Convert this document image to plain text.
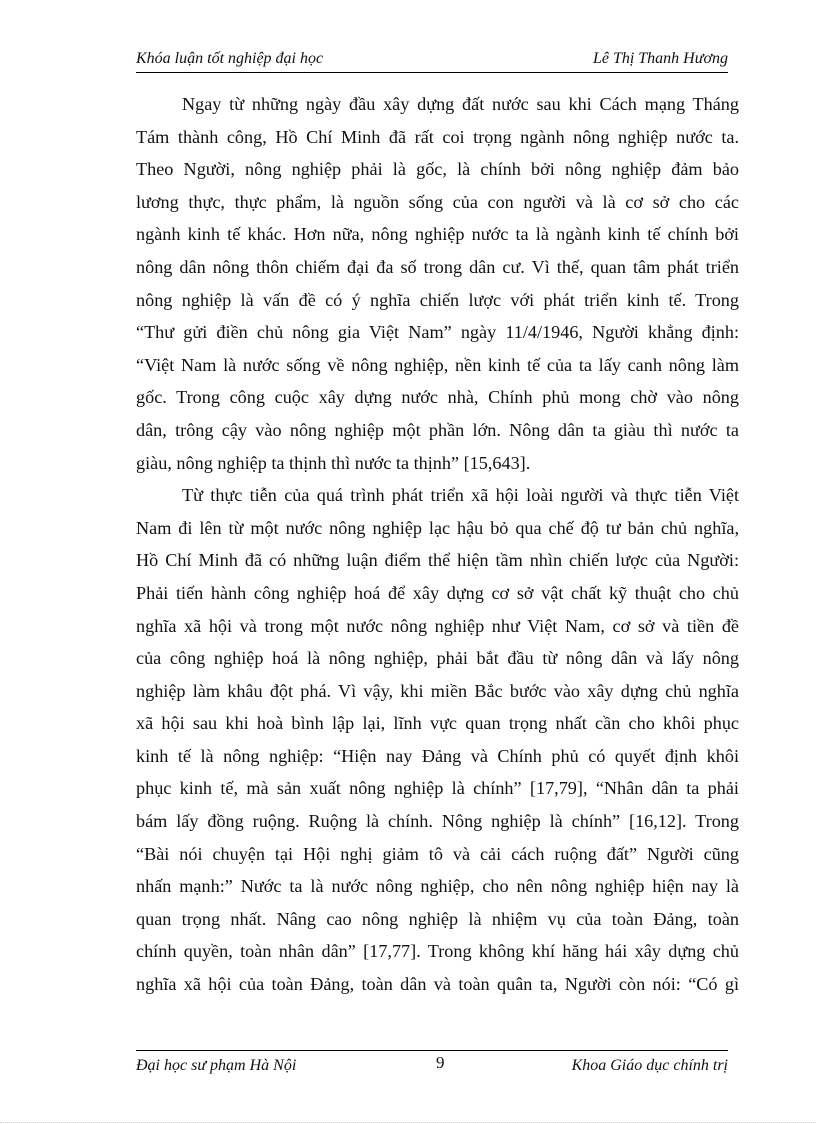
Khóa luận tốt nghiệp đại học	Lê Thị Thanh Hương
Ngay từ những ngày đầu xây dựng đất nước sau khi Cách mạng Tháng
Tám thành công, Hồ Chí Minh đã rất coi trọng ngành nông nghiệp nước ta.
Theo Người, nông nghiệp phải là gốc, là chính bởi nông nghiệp đảm bảo
lương thực, thực phẩm, là nguồn sống của con người và là cơ sở cho các
ngành kinh tế khác. Hơn nữa, nông nghiệp nước ta là ngành kinh tế chính bởi
nông dân nông thôn chiếm đại đa số trong dân cư. Vì thế, quan tâm phát triển
nông nghiệp là vấn đề có ý nghĩa chiến lược với phát triển kinh tế. Trong
“Thư gửi điền chủ nông gia Việt Nam” ngày 11/4/1946, Người khẳng định:
“Việt Nam là nước sống về nông nghiệp, nền kinh tế của ta lấy canh nông làm
gốc. Trong công cuộc xây dựng nước nhà, Chính phủ mong chờ vào nông
dân, trông cậy vào nông nghiệp một phần lớn. Nông dân ta giàu thì nước ta
giàu, nông nghiệp ta thịnh thì nước ta thịnh” [15,643].
Từ thực tiễn của quá trình phát triển xã hội loài người và thực tiễn Việt
Nam đi lên từ một nước nông nghiệp lạc hậu bỏ qua chế độ tư bản chủ nghĩa,
Hồ Chí Minh đã có những luận điểm thể hiện tầm nhìn chiến lược của Người:
Phải tiến hành công nghiệp hoá để xây dựng cơ sở vật chất kỹ thuật cho chủ
nghĩa xã hội và trong một nước nông nghiệp như Việt Nam, cơ sở và tiền đề
của công nghiệp hoá là nông nghiệp, phải bắt đầu từ nông dân và lấy nông
nghiệp làm khâu đột phá. Vì vậy, khi miền Bắc bước vào xây dựng chủ nghĩa
xã hội sau khi hoà bình lập lại, lĩnh vực quan trọng nhất cần cho khôi phục
kinh tế là nông nghiệp: “Hiện nay Đảng và Chính phủ có quyết định khôi
phục kinh tế, mà sản xuất nông nghiệp là chính” [17,79], “Nhân dân ta phải
bám lấy đồng ruộng. Ruộng là chính. Nông nghiệp là chính” [16,12]. Trong
“Bài nói chuyện tại Hội nghị giảm tô và cải cách ruộng đất” Người cũng
nhấn mạnh:” Nước ta là nước nông nghiệp, cho nên nông nghiệp hiện nay là
quan trọng nhất. Nâng cao nông nghiệp là nhiệm vụ của toàn Đảng, toàn
chính quyền, toàn nhân dân” [17,77]. Trong không khí hăng hái xây dựng chủ
nghĩa xã hội của toàn Đảng, toàn dân và toàn quân ta, Người còn nói: “Có gì
Đại học sư phạm Hà Nội	9	Khoa Giáo dục chính trị
